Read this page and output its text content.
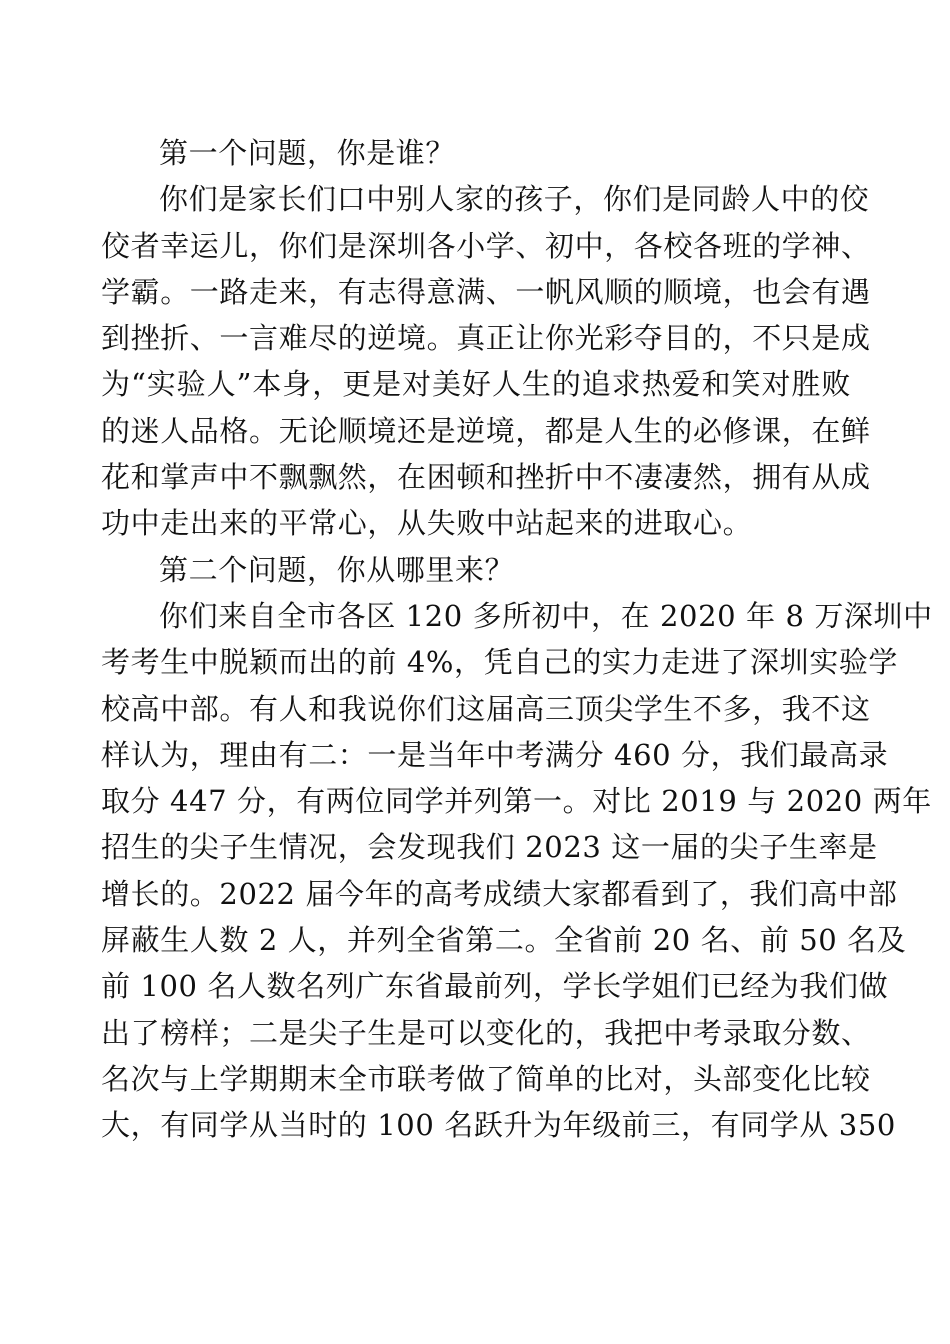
第一个问题，你是谁？
你们是家长们口中别人家的孩子，你们是同龄人中的佼
佼者幸运儿，你们是深圳各小学、初中，各校各班的学神、
学霸。一路走来，有志得意满、一帆风顺的顺境，也会有遇
到挫折、一言难尽的逆境。真正让你光彩夺目的，不只是成
为“实验人”本身，更是对美好人生的追求热爱和笑对胜败
的迷人品格。无论顺境还是逆境，都是人生的必修课，在鲜
花和掌声中不飘飘然，在困顿和挫折中不凄凄然，拥有从成
功中走出来的平常心，从失败中站起来的进取心。
第二个问题，你从哪里来？
你们来自全市各区 120 多所初中，在 2020 年 8 万深圳中
考考生中脱颖而出的前 4%，凭自己的实力走进了深圳实验学
校高中部。有人和我说你们这届高三顶尖学生不多，我不这
样认为，理由有二：一是当年中考满分 460 分，我们最高录
取分 447 分，有两位同学并列第一。对比 2019 与 2020 两年
招生的尖子生情况，会发现我们 2023 这一届的尖子生率是
增长的。2022 届今年的高考成绩大家都看到了，我们高中部
屏蔽生人数 2 人，并列全省第二。全省前 20 名、前 50 名及
前 100 名人数名列广东省最前列，学长学姐们已经为我们做
出了榜样；二是尖子生是可以变化的，我把中考录取分数、
名次与上学期期末全市联考做了简单的比对，头部变化比较
大，有同学从当时的 100 名跃升为年级前三，有同学从 350
